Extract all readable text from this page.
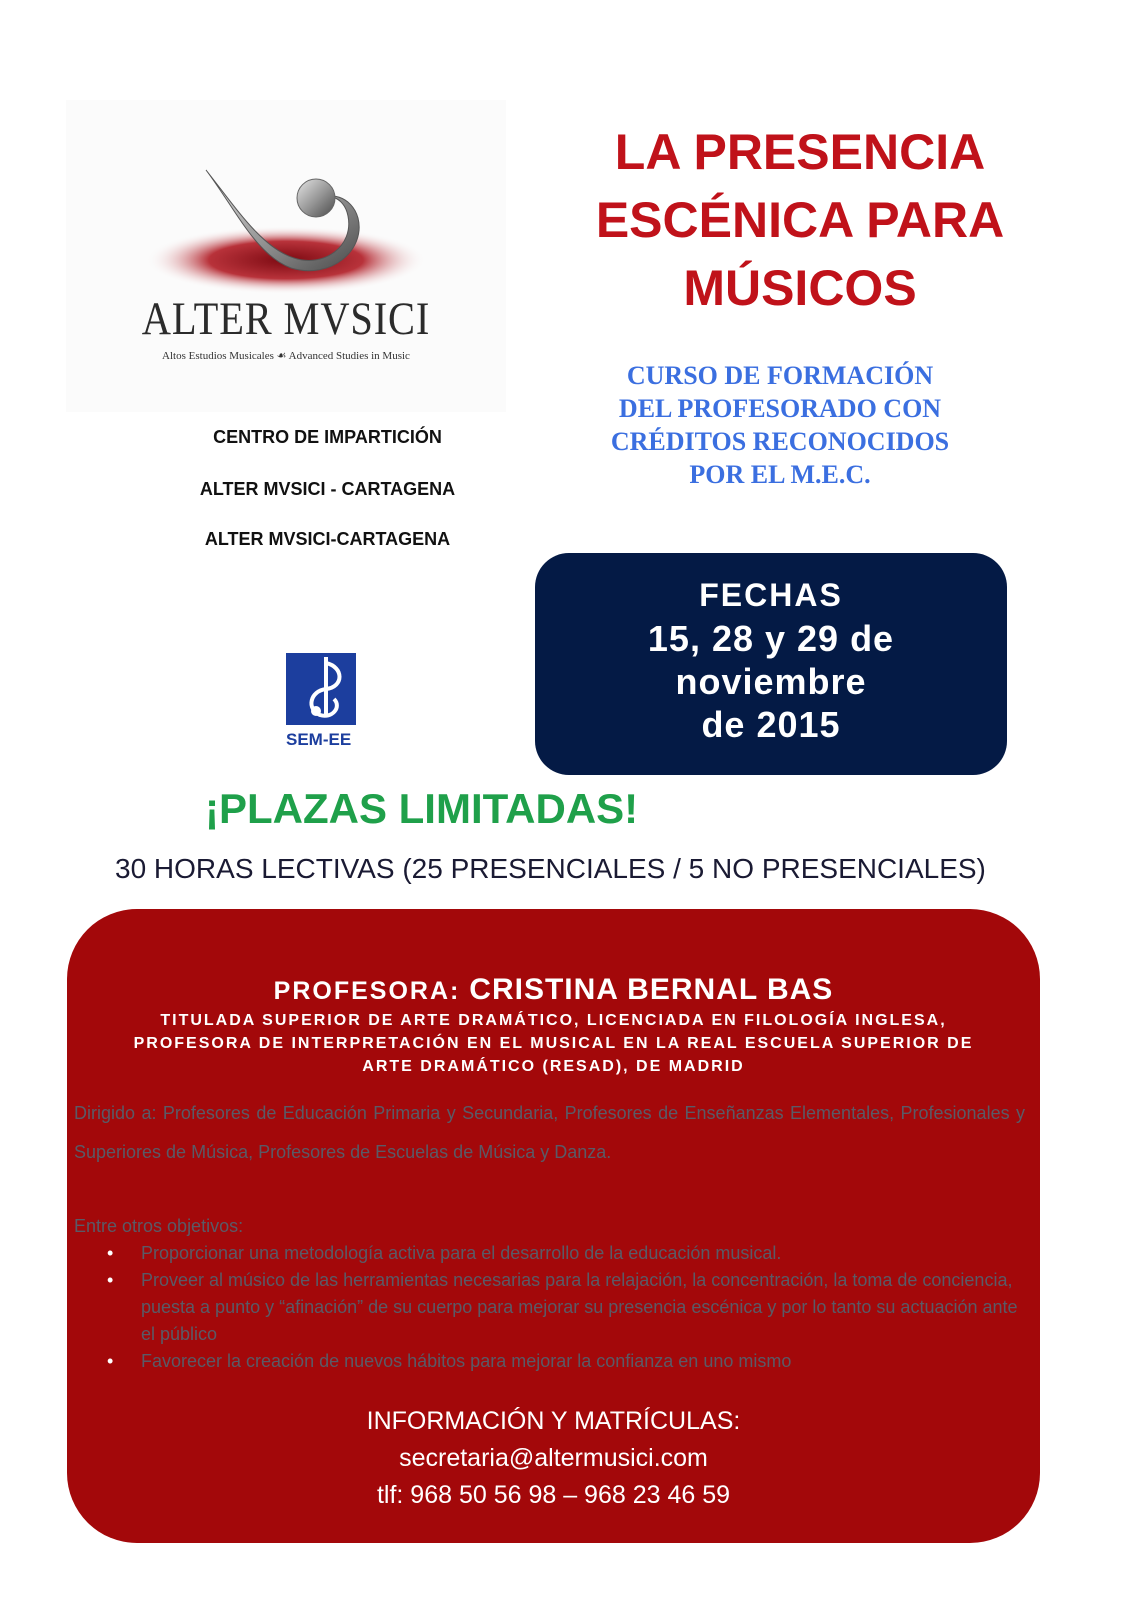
ALTER MVSICI
Altos Estudios Musicales ☙ Advanced Studies in Music
LA PRESENCIA
ESCÉNICA PARA
MÚSICOS
CURSO DE FORMACIÓN
DEL PROFESORADO CON
CRÉDITOS RECONOCIDOS
POR EL M.E.C.
CENTRO DE IMPARTICIÓN
ALTER MVSICI - CARTAGENA
ALTER MVSICI-CARTAGENA
SEM-EE
FECHAS
15, 28 y 29 de
noviembre
de 2015
¡PLAZAS LIMITADAS!
30 HORAS LECTIVAS (25 PRESENCIALES / 5 NO PRESENCIALES)
PROFESORA: CRISTINA BERNAL BAS
TITULADA SUPERIOR DE ARTE DRAMÁTICO, LICENCIADA EN FILOLOGÍA INGLESA,
PROFESORA DE INTERPRETACIÓN EN EL MUSICAL EN LA REAL ESCUELA SUPERIOR DE
ARTE DRAMÁTICO (RESAD), DE MADRID
Dirigido a: Profesores de Educación Primaria y Secundaria, Profesores de Enseñanzas Elementales, Profesionales y Superiores de Música, Profesores de Escuelas de Música y Danza.
Entre otros objetivos:
• Proporcionar una metodología activa para el desarrollo de la educación musical.
• Proveer al músico de las herramientas necesarias para la relajación, la concentración, la toma de conciencia, puesta a punto y “afinación” de su cuerpo para mejorar su presencia escénica y por lo tanto su actuación ante el público
• Favorecer la creación de nuevos hábitos para mejorar la confianza en uno mismo
INFORMACIÓN Y MATRÍCULAS:
secretaria@altermusici.com
tlf: 968 50 56 98 – 968 23 46 59
